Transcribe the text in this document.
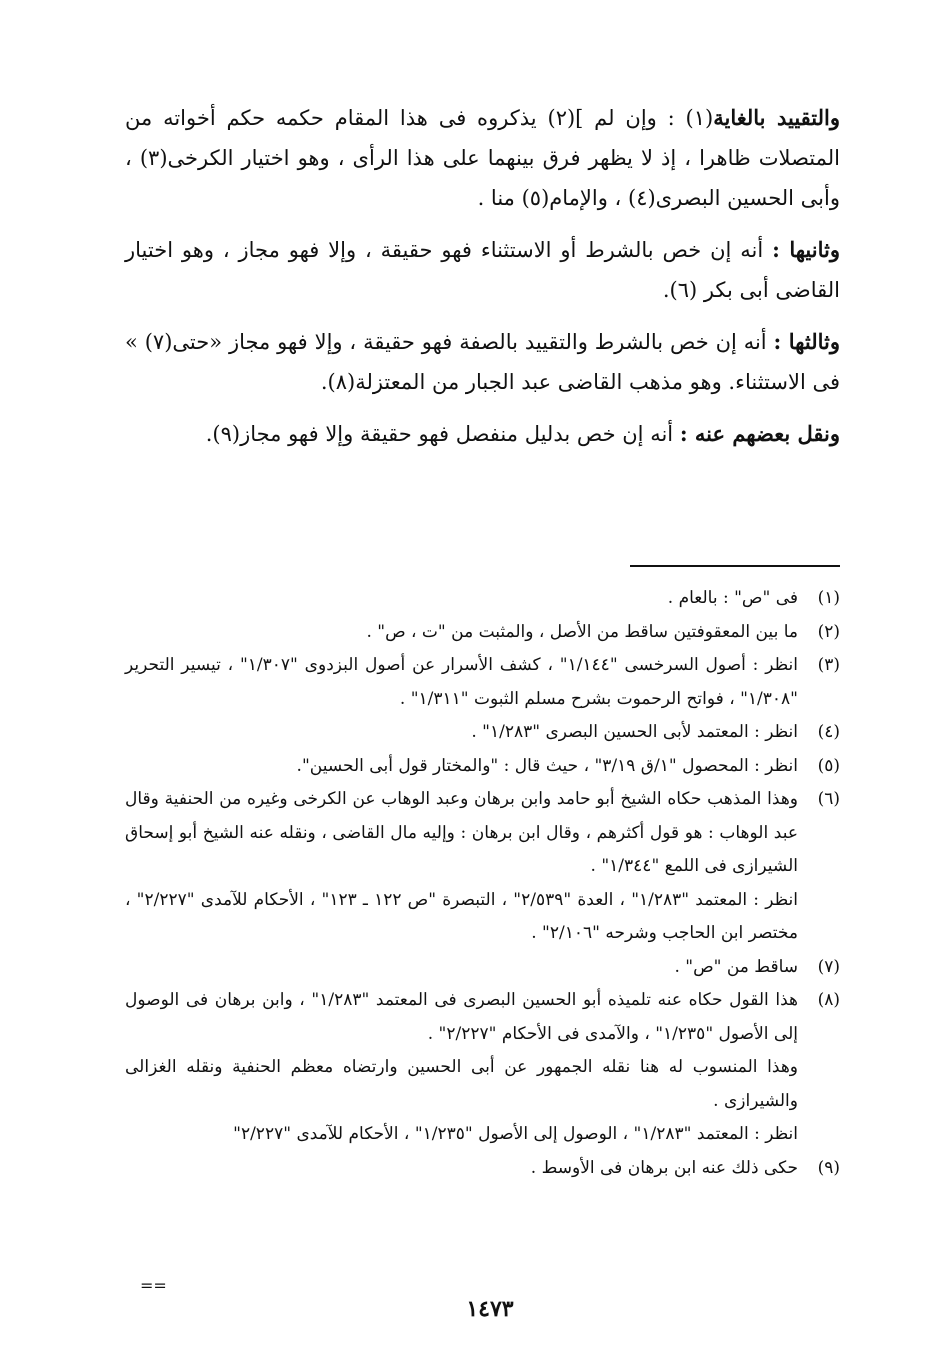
والتقييد بالغاية(١) : وإن لم ](٢) يذكروه فى هذا المقام حكمه حكم أخواته من المتصلات ظاهرا ، إذ لا يظهر فرق بينهما على هذا الرأى ، وهو اختيار الكرخى(٣) ، وأبى الحسين البصرى(٤) ، والإمام(٥) منا .

وثانيها : أنه إن خص بالشرط أو الاستثناء فهو حقيقة ، وإلا فهو مجاز ، وهو اختيار القاضى أبى بكر (٦).

وثالثها : أنه إن خص بالشرط والتقييد بالصفة فهو حقيقة ، وإلا فهو مجاز «حتى(٧) » فى الاستثناء. وهو مذهب القاضى عبد الجبار من المعتزلة(٨).

ونقل بعضهم عنه : أنه إن خص بدليل منفصل فهو حقيقة وإلا فهو مجاز(٩).

(١)
فى "ص" : بالعام .
(٢)
ما بين المعقوفتين ساقط من الأصل ، والمثبت من "ت ، ص" .
(٣)
انظر : أصول السرخسى "١/١٤٤" ، كشف الأسرار عن أصول البزدوى "١/٣٠٧" ، تيسير التحرير "١/٣٠٨" ، فواتح الرحموت بشرح مسلم الثبوت "١/٣١١" .
(٤)
انظر : المعتمد لأبى الحسين البصرى "١/٢٨٣" .
(٥)
انظر : المحصول "١/ق ٣/١٩" ، حيث قال : "والمختار قول أبى الحسين".
(٦)
وهذا المذهب حكاه الشيخ أبو حامد وابن برهان وعبد الوهاب عن الكرخى وغيره من الحنفية وقال عبد الوهاب : هو قول أكثرهم ، وقال ابن برهان : وإليه مال القاضى ، ونقله عنه الشيخ أبو إسحاق الشيرازى فى اللمع "١/٣٤٤" .
انظر : المعتمد "١/٢٨٣" ، العدة "٢/٥٣٩" ، التبصرة "ص ١٢٢ ـ ١٢٣" ، الأحكام للآمدى "٢/٢٢٧" ، مختصر ابن الحاجب وشرحه "٢/١٠٦" .
(٧)
ساقط من "ص" .
(٨)
هذا القول حكاه عنه تلميذه أبو الحسين البصرى فى المعتمد "١/٢٨٣" ، وابن برهان فى الوصول إلى الأصول "١/٢٣٥" ، والآمدى فى الأحكام "٢/٢٢٧" .
وهذا المنسوب له هنا نقله الجمهور عن أبى الحسين وارتضاه معظم الحنفية ونقله الغزالى والشيرازى .
انظر : المعتمد "١/٢٨٣" ، الوصول إلى الأصول "١/٢٣٥" ، الأحكام للآمدى "٢/٢٢٧"
(٩)
حكى ذلك عنه ابن برهان فى الأوسط .
==
١٤٧٣
